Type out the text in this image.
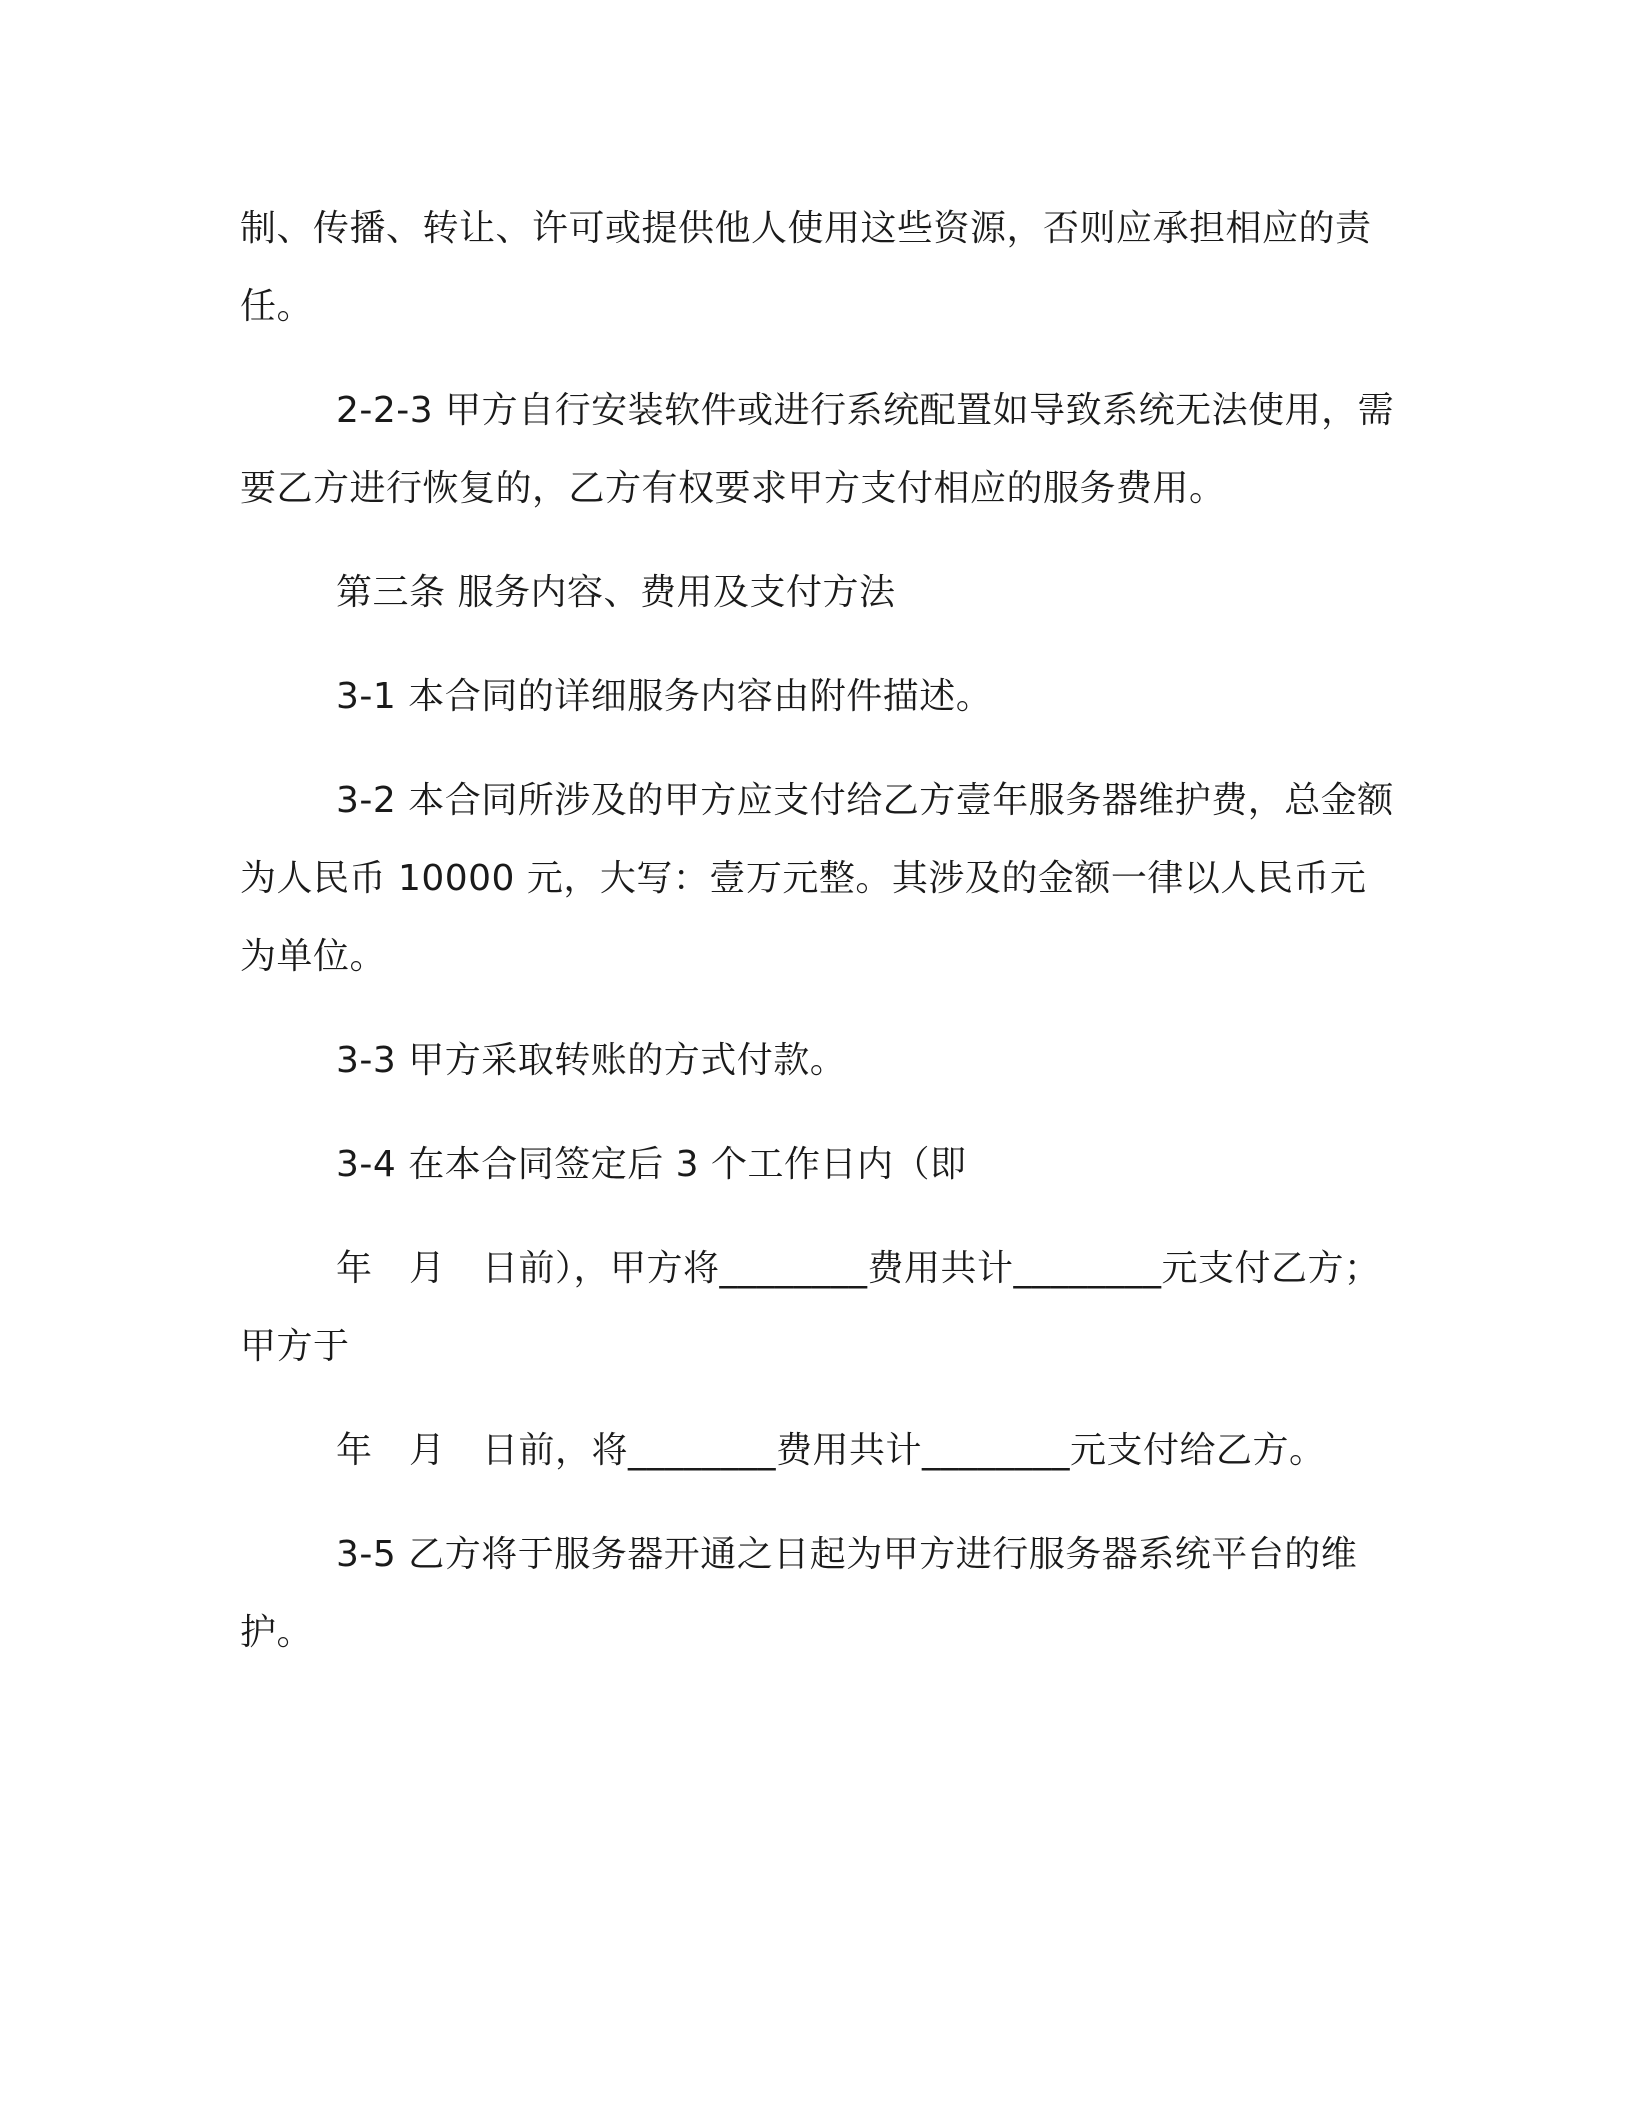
制、传播、转让、许可或提供他人使用这些资源，否则应承担相应的责任。

2-2-3 甲方自行安装软件或进行系统配置如导致系统无法使用，需要乙方进行恢复的，乙方有权要求甲方支付相应的服务费用。

第三条 服务内容、费用及支付方法

3-1 本合同的详细服务内容由附件描述。

3-2 本合同所涉及的甲方应支付给乙方壹年服务器维护费，总金额为人民币 10000 元，大写：壹万元整。其涉及的金额一律以人民币元为单位。

3-3 甲方采取转账的方式付款。

3-4 在本合同签定后 3 个工作日内（即

年　月　日前），甲方将________费用共计________元支付乙方；甲方于

年　月　日前，将________费用共计________元支付给乙方。

3-5 乙方将于服务器开通之日起为甲方进行服务器系统平台的维护。
